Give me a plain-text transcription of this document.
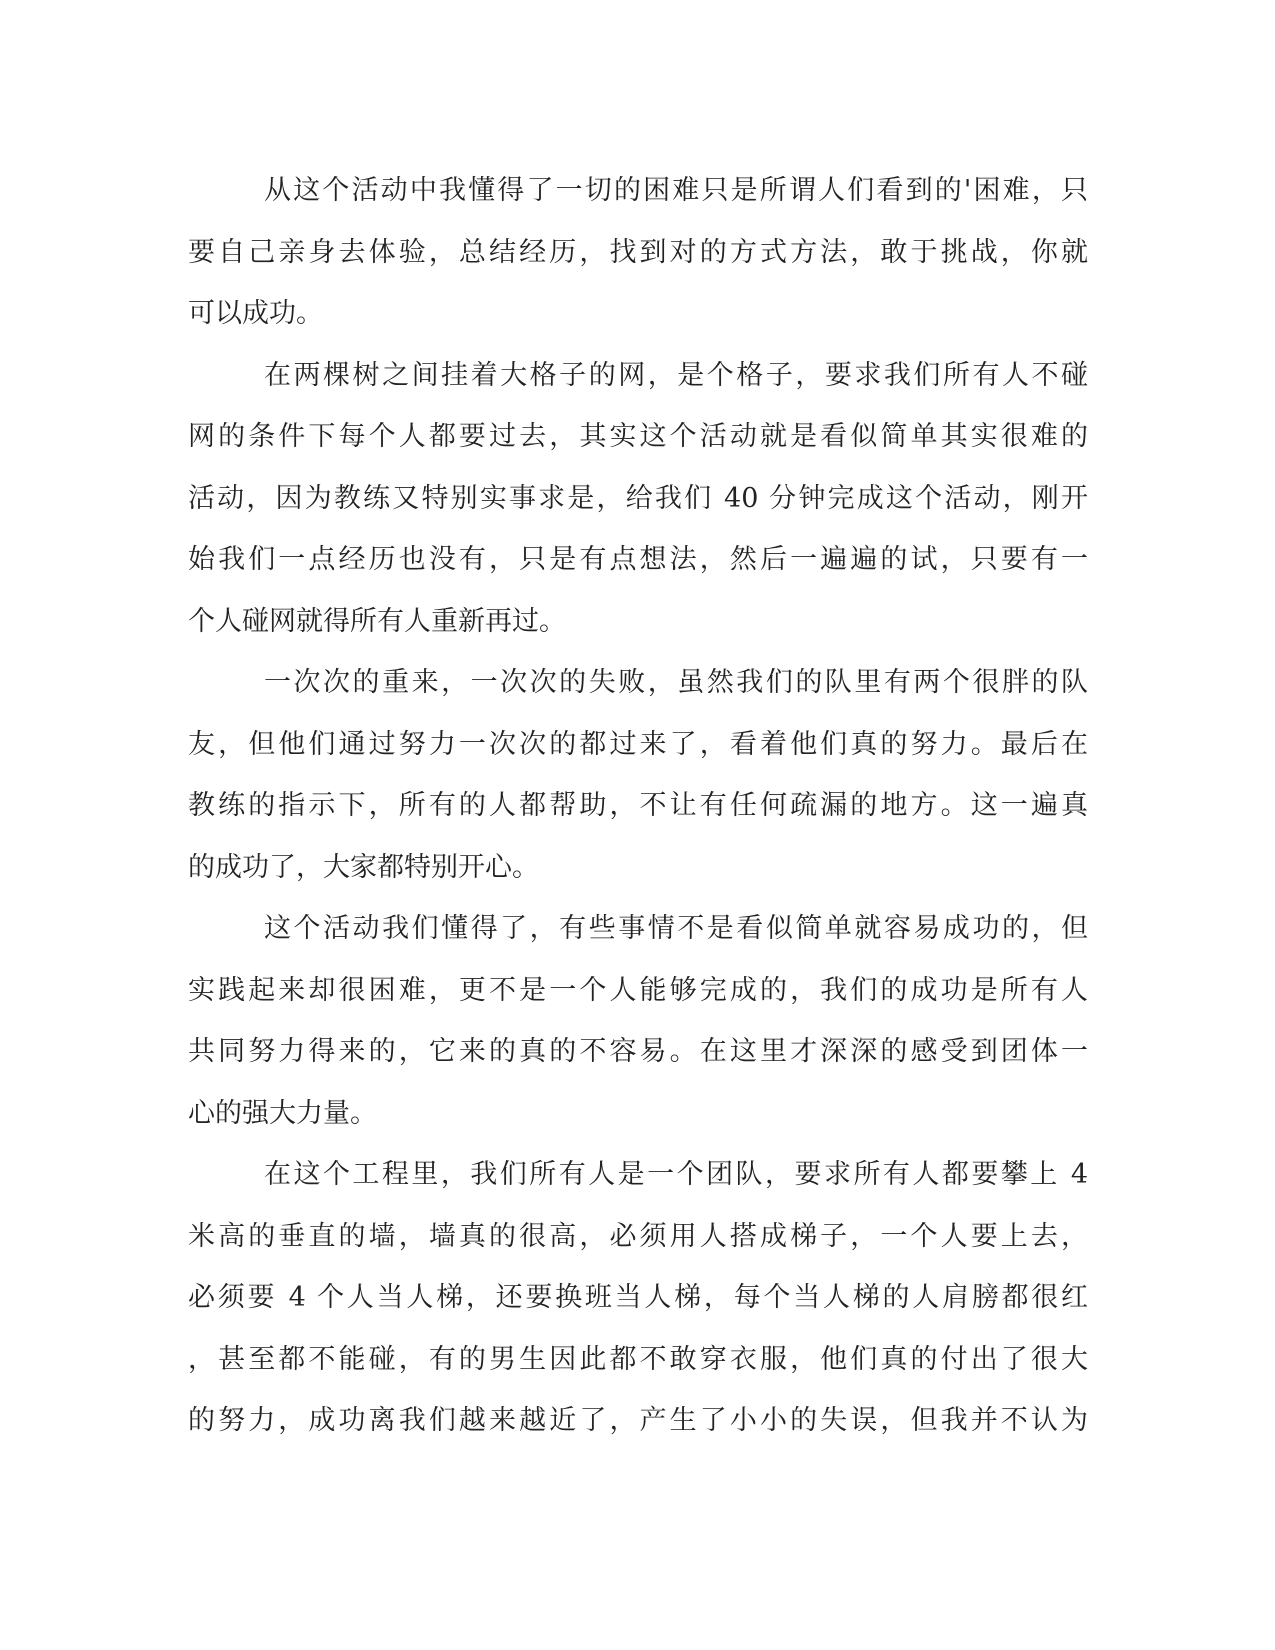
从这个活动中我懂得了一切的困难只是所谓人们看到的'困难，只
要自己亲身去体验，总结经历，找到对的方式方法，敢于挑战，你就
可以成功。
在两棵树之间挂着大格子的网，是个格子，要求我们所有人不碰
网的条件下每个人都要过去，其实这个活动就是看似简单其实很难的
活动，因为教练又特别实事求是，给我们 40 分钟完成这个活动，刚开
始我们一点经历也没有，只是有点想法，然后一遍遍的试，只要有一
个人碰网就得所有人重新再过。
一次次的重来，一次次的失败，虽然我们的队里有两个很胖的队
友，但他们通过努力一次次的都过来了，看着他们真的努力。最后在
教练的指示下，所有的人都帮助，不让有任何疏漏的地方。这一遍真
的成功了，大家都特别开心。
这个活动我们懂得了，有些事情不是看似简单就容易成功的，但
实践起来却很困难，更不是一个人能够完成的，我们的成功是所有人
共同努力得来的，它来的真的不容易。在这里才深深的感受到团体一
心的强大力量。
在这个工程里，我们所有人是一个团队，要求所有人都要攀上 4
米高的垂直的墙，墙真的很高，必须用人搭成梯子，一个人要上去，
必须要 4 个人当人梯，还要换班当人梯，每个当人梯的人肩膀都很红
，甚至都不能碰，有的男生因此都不敢穿衣服，他们真的付出了很大
的努力，成功离我们越来越近了，产生了小小的失误，但我并不认为
